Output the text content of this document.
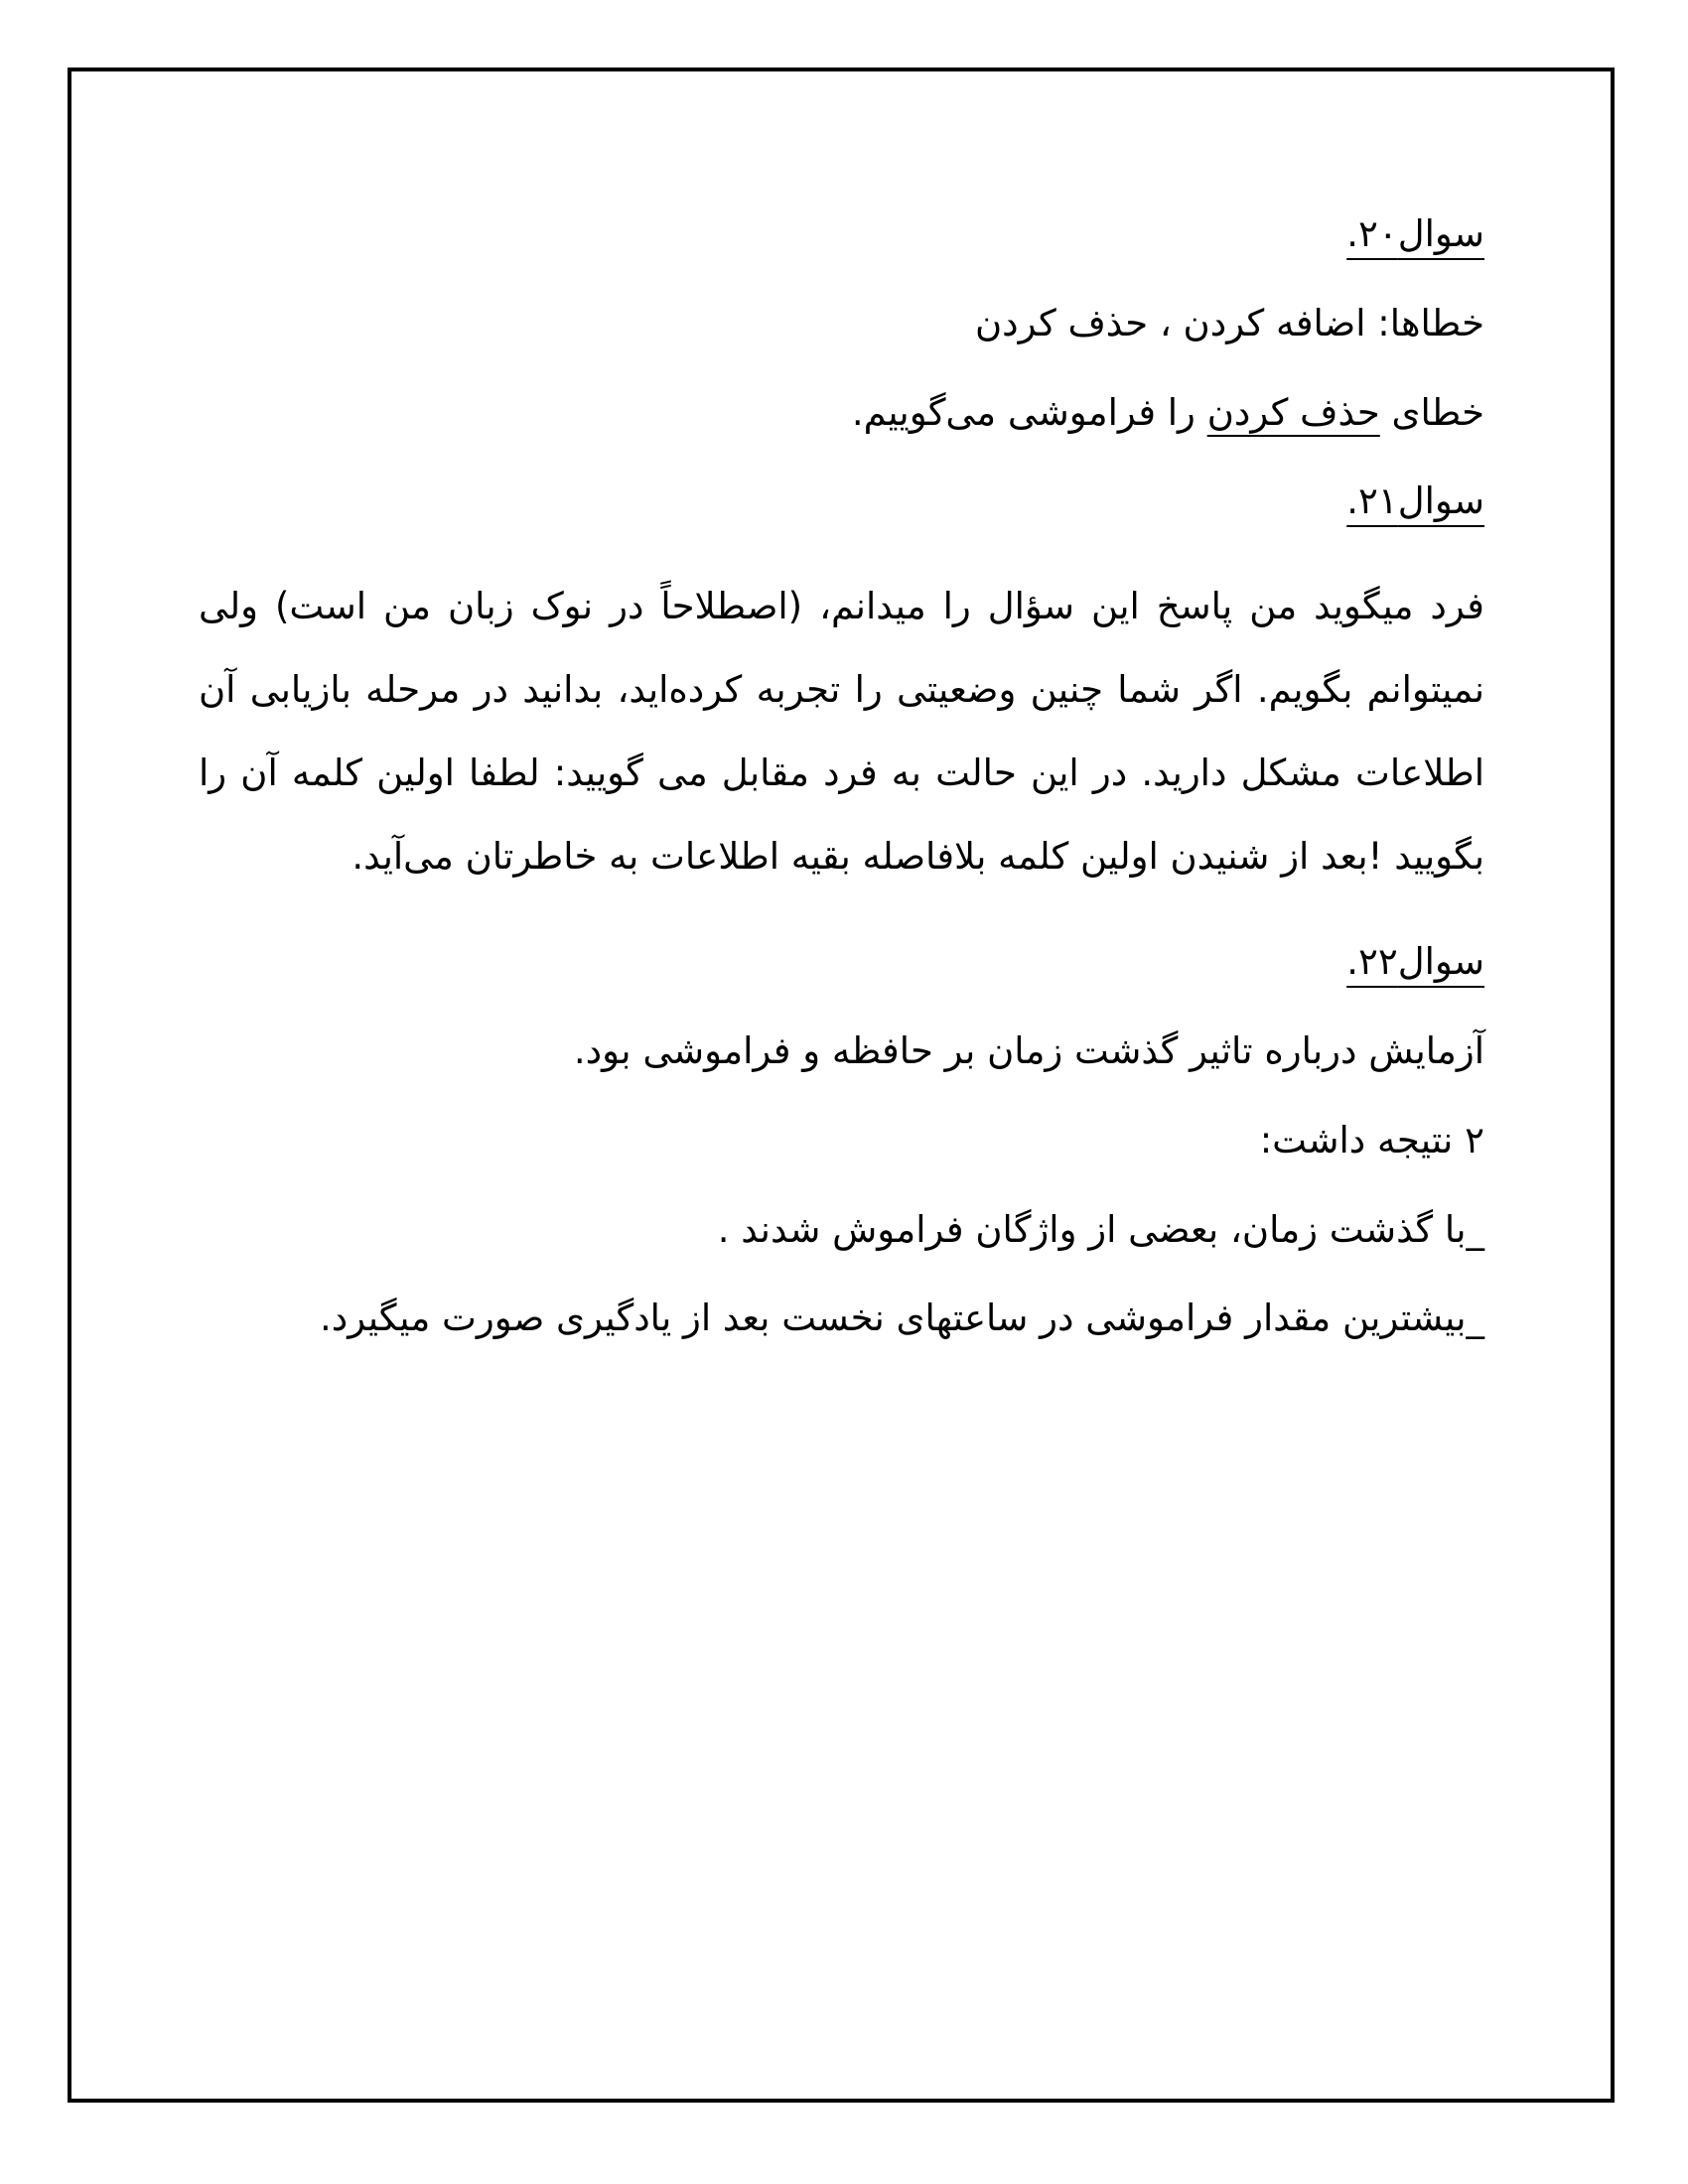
سوال۲۰.

خطاها: اضافه کردن ، حذف کردن

خطای حذف کردن را فراموشی می‌گوییم.

سوال۲۱.

فرد میگوید من پاسخ این سؤال را میدانم، (اصطلاحاً در نوک زبان من است) ولی نمیتوانم بگویم. اگر شما چنین وضعیتی را تجربه کرده‌اید، بدانید در مرحله بازیابی آن اطلاعات مشکل دارید. در این حالت به فرد مقابل می گویید: لطفا اولین کلمه آن را بگویید !بعد از شنیدن اولین کلمه بلافاصله بقیه اطلاعات به خاطرتان می‌آید.

سوال۲۲.

آزمایش درباره تاثیر گذشت زمان بر حافظه و فراموشی بود.

۲ نتیجه داشت:

_با گذشت زمان، بعضی از واژگان فراموش شدند .

_بیشترین مقدار فراموشی در ساعتهای نخست بعد از یادگیری صورت میگیرد.
